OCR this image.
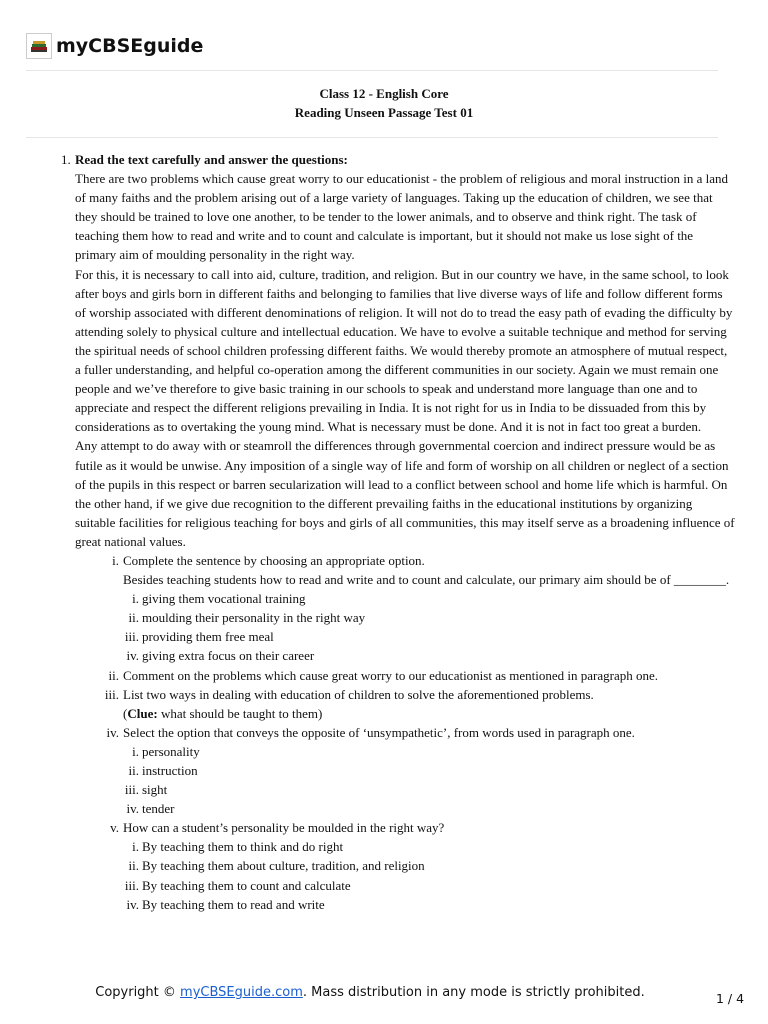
myCBSEguide
Class 12 - English Core
Reading Unseen Passage Test 01
1. Read the text carefully and answer the questions:

There are two problems which cause great worry to our educationist - the problem of religious and moral instruction in a land of many faiths and the problem arising out of a large variety of languages. Taking up the education of children, we see that they should be trained to love one another, to be tender to the lower animals, and to observe and think right. The task of teaching them how to read and write and to count and calculate is important, but it should not make us lose sight of the primary aim of moulding personality in the right way.

For this, it is necessary to call into aid, culture, tradition, and religion. But in our country we have, in the same school, to look after boys and girls born in different faiths and belonging to families that live diverse ways of life and follow different forms of worship associated with different denominations of religion. It will not do to tread the easy path of evading the difficulty by attending solely to physical culture and intellectual education. We have to evolve a suitable technique and method for serving the spiritual needs of school children professing different faiths. We would thereby promote an atmosphere of mutual respect, a fuller understanding, and helpful co-operation among the different communities in our society. Again we must remain one people and we’ve therefore to give basic training in our schools to speak and understand more language than one and to appreciate and respect the different religions prevailing in India. It is not right for us in India to be dissuaded from this by considerations as to overtaking the young mind. What is necessary must be done. And it is not in fact too great a burden.

Any attempt to do away with or steamroll the differences through governmental coercion and indirect pressure would be as futile as it would be unwise. Any imposition of a single way of life and form of worship on all children or neglect of a section of the pupils in this respect or barren secularization will lead to a conflict between school and home life which is harmful. On the other hand, if we give due recognition to the different prevailing faiths in the educational institutions by organizing suitable facilities for religious teaching for boys and girls of all communities, this may itself serve as a broadening influence of great national values.

i. Complete the sentence by choosing an appropriate option.
Besides teaching students how to read and write and to count and calculate, our primary aim should be of ________.
i. giving them vocational training
ii. moulding their personality in the right way
iii. providing them free meal
iv. giving extra focus on their career
ii. Comment on the problems which cause great worry to our educationist as mentioned in paragraph one.
iii. List two ways in dealing with education of children to solve the aforementioned problems.
(Clue: what should be taught to them)
iv. Select the option that conveys the opposite of ‘unsympathetic’, from words used in paragraph one.
i. personality
ii. instruction
iii. sight
iv. tender
v. How can a student’s personality be moulded in the right way?
i. By teaching them to think and do right
ii. By teaching them about culture, tradition, and religion
iii. By teaching them to count and calculate
iv. By teaching them to read and write
Copyright © myCBSEguide.com. Mass distribution in any mode is strictly prohibited.	1 / 4
